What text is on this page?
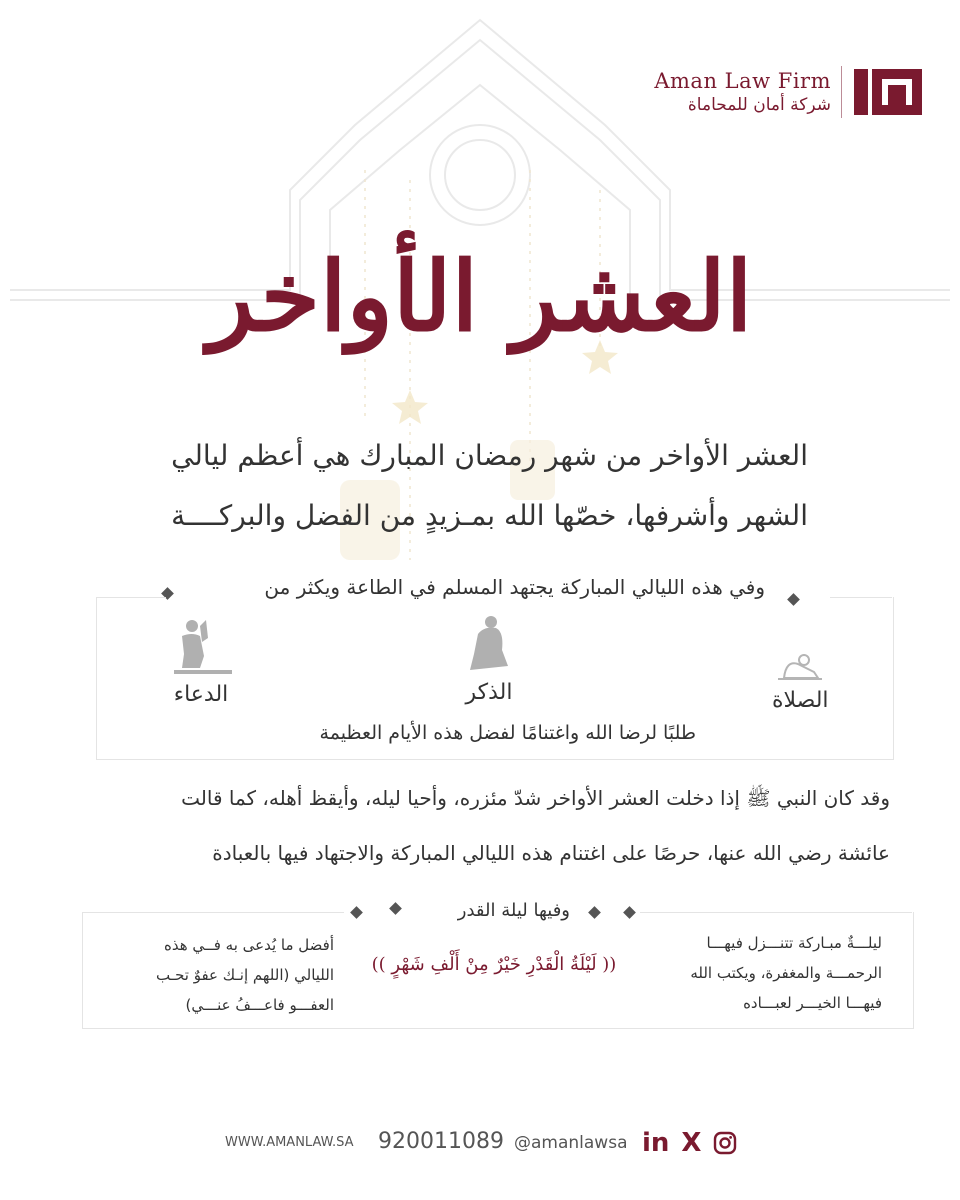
Aman Law Firm
شركة أمان للمحاماة
العشر الأواخر
العشر الأواخر من شهر رمضان المبارك هي أعظم ليالي
الشهر وأشرفها، خصّها الله بمـزيدٍ من الفضل والبركــــة
وفي هذه الليالي المباركة يجتهد المسلم في الطاعة ويكثر من
الصلاة
الذكر
الدعاء
طلبًا لرضا الله واغتنامًا لفضل هذه الأيام العظيمة
وقد كان النبي ﷺ إذا دخلت العشر الأواخر شدّ مئزره، وأحيا ليله، وأيقظ أهله، كما قالت
عائشة رضي الله عنها، حرصًا على اغتنام هذه الليالي المباركة والاجتهاد فيها بالعبادة
وفيها ليلة القدر
ليلـــةٌ مبـاركة تتنـــزل فيهـــا
الرحمـــة والمغفرة، ويكتب الله
فيهـــا الخيـــر لعبـــاده
(( لَيْلَةُ الْقَدْرِ خَيْرٌ مِنْ أَلْفِ شَهْرٍ ))
أفضل ما يُدعى به فــي هذه
الليالي (اللهم إنـك عفوٌ تحـب
العفـــو فاعـــفُ عنـــي)
WWW.AMANLAW.SA 920011089 @amanlawsa in X
